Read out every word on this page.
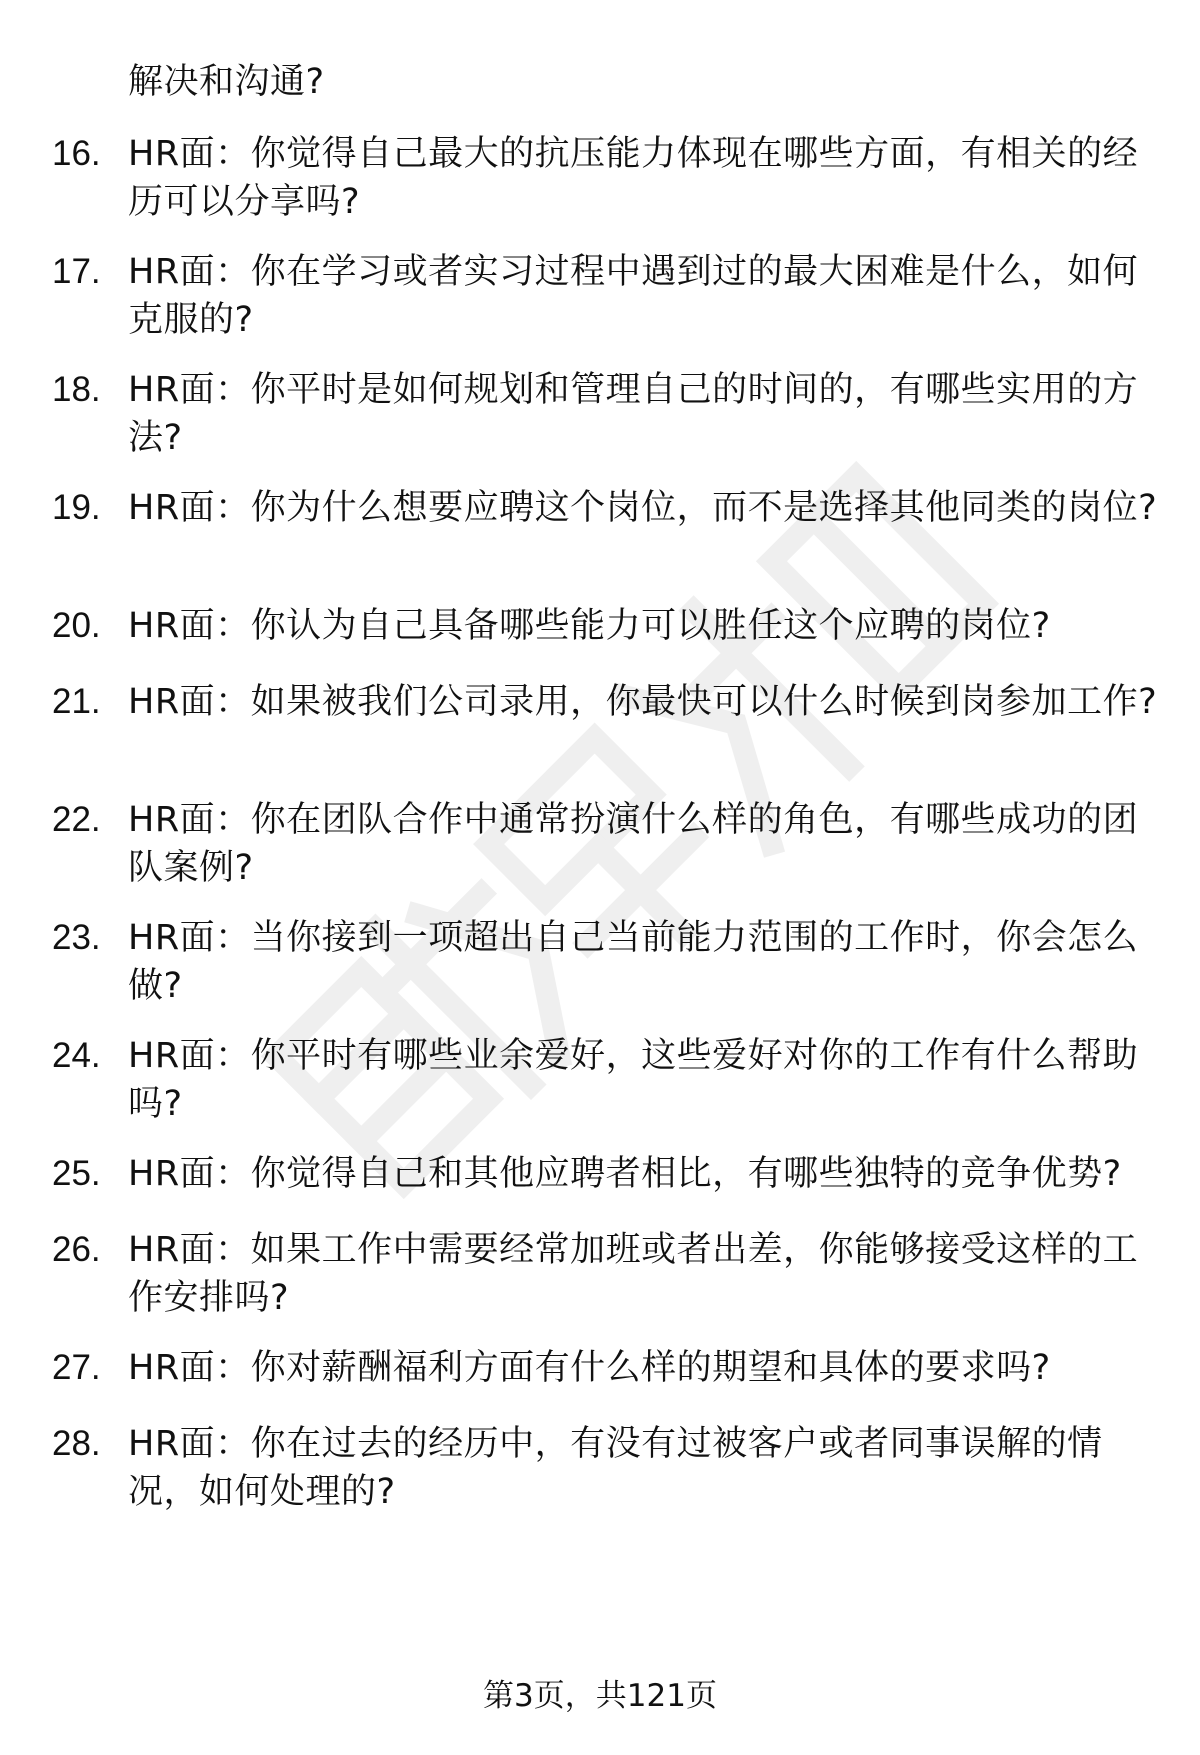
解决和沟通?
16. HR面：你觉得自己最大的抗压能力体现在哪些方面，有相关的经历可以分享吗?
17. HR面：你在学习或者实习过程中遇到过的最大困难是什么，如何克服的?
18. HR面：你平时是如何规划和管理自己的时间的，有哪些实用的方法?
19. HR面：你为什么想要应聘这个岗位，而不是选择其他同类的岗位?
20. HR面：你认为自己具备哪些能力可以胜任这个应聘的岗位?
21. HR面：如果被我们公司录用，你最快可以什么时候到岗参加工作?
22. HR面：你在团队合作中通常扮演什么样的角色，有哪些成功的团队案例?
23. HR面：当你接到一项超出自己当前能力范围的工作时，你会怎么做?
24. HR面：你平时有哪些业余爱好，这些爱好对你的工作有什么帮助吗?
25. HR面：你觉得自己和其他应聘者相比，有哪些独特的竞争优势?
26. HR面：如果工作中需要经常加班或者出差，你能够接受这样的工作安排吗?
27. HR面：你对薪酬福利方面有什么样的期望和具体的要求吗?
28. HR面：你在过去的经历中，有没有过被客户或者同事误解的情况，如何处理的?
第3页，共121页
